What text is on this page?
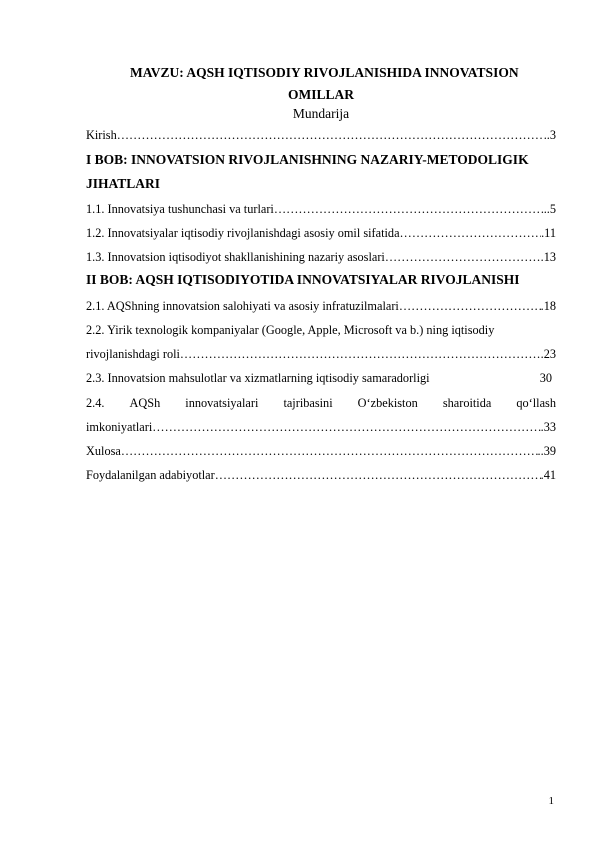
MAVZU: AQSH IQTISODIY RIVOJLANISHIDA INNOVATSION
OMILLAR
Mundarija
Kirish ……………………………………………………………………………………………………………………………………………………	..3
I BOB: INNOVATSION RIVOJLANISHNING NAZARIY-METODOLIGIK
JIHATLARI
1.1. Innovatsiya tushunchasi va turlari ……………………………………………………………………………………………………………………………………………………	..5
1.2. Innovatsiyalar iqtisodiy rivojlanishdagi asosiy omil sifatida ……………………………………………………………………………………………………………………………………………………	.11
1.3. Innovatsion iqtisodiyot shakllanishining nazariy asoslari ……………………………………………………………………………………………………………………………………………………	.13
II BOB: AQSH IQTISODIYOTIDA INNOVATSIYALAR RIVOJLANISHI
2.1. AQShning innovatsion salohiyati va asosiy infratuzilmalari ……………………………………………………………………………………………………………………………………………………	.18
2.2. Yirik texnologik kompaniyalar (Google, Apple, Microsoft va b.) ning iqtisodiy
rivojlanishdagi roli ……………………………………………………………………………………………………………………………………………………	.23
2.3. Innovatsion mahsulotlar va xizmatlarning iqtisodiy samaradorligi	30
2.4. AQSh innovatsiyalari tajribasini O‘zbekiston sharoitida qo‘llash
imkoniyatlari ……………………………………………………………………………………………………………………………………………………	.33
Xulosa ……………………………………………………………………………………………………………………………………………………	..39
Foydalanilgan adabiyotlar ……………………………………………………………………………………………………………………………………………………	.41
1
